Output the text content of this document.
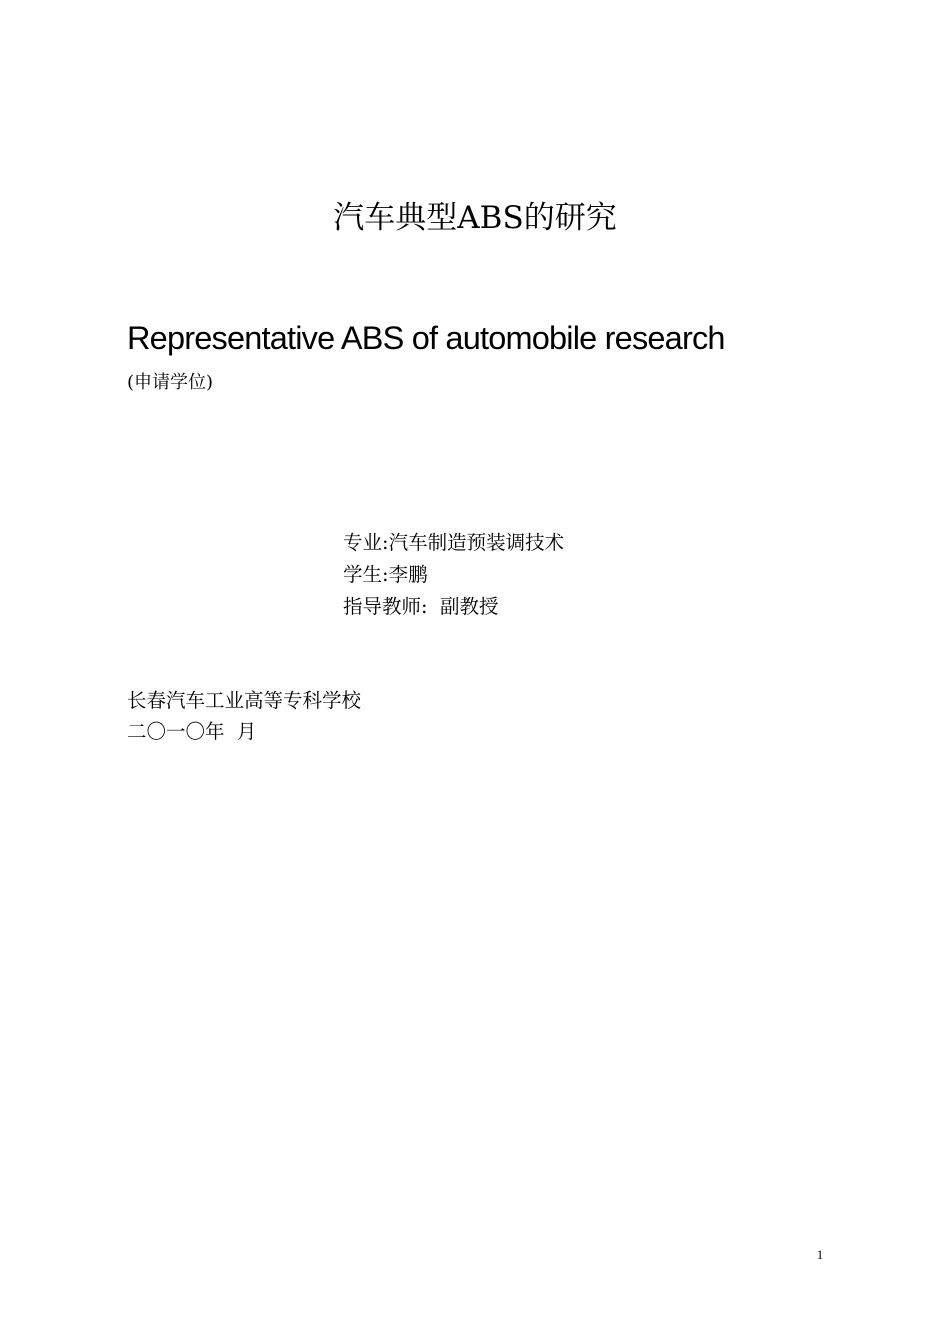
汽车典型ABS的研究
Representative ABS of automobile research
(申请学位)
专业:汽车制造预装调技术
学生:李鹏
指导教师:  副教授
长春汽车工业高等专科学校
二〇一〇年  月
1
